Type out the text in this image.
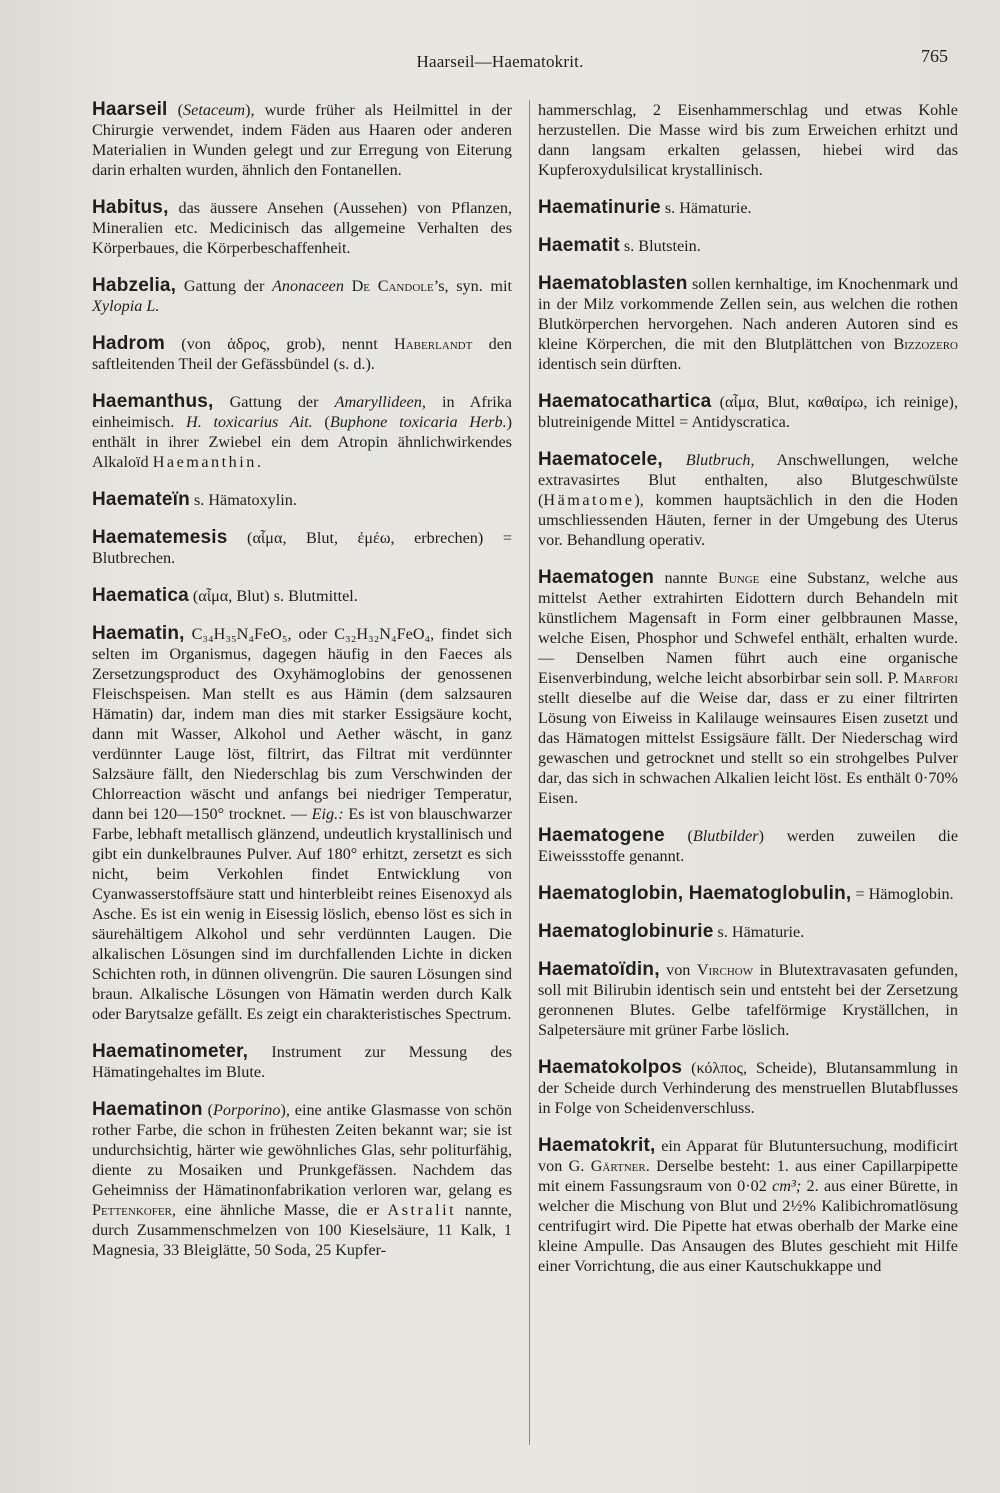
Haarseil—Haematokrit.	765

Haarseil (Setaceum), wurde früher als Heilmittel in der Chirurgie verwendet, indem Fäden aus Haaren oder anderen Materialien in Wunden gelegt und zur Erregung von Eiterung darin erhalten wurden, ähnlich den Fontanellen.

Habitus, das äussere Ansehen (Aussehen) von Pflanzen, Mineralien etc. Medicinisch das allgemeine Verhalten des Körperbaues, die Körperbeschaffenheit.

Habzelia, Gattung der Anonaceen De Candole’s, syn. mit Xylopia L.

Hadrom (von ἁδρος, grob), nennt Haberlandt den saftleitenden Theil der Gefässbündel (s. d.).

Haemanthus, Gattung der Amaryllideen, in Afrika einheimisch. H. toxicarius Ait. (Buphone toxicaria Herb.) enthält in ihrer Zwiebel ein dem Atropin ähnlichwirkendes Alkaloïd Haemanthin.

Haemateïn s. Hämatoxylin.

Haematemesis (αἷμα, Blut, ἐμέω, erbrechen) = Blutbrechen.

Haematica (αἷμα, Blut) s. Blutmittel.

Haematin, C₃₄H₃₅N₄FeO₅, oder C₃₂H₃₂N₄FeO₄, findet sich selten im Organismus, dagegen häufig in den Faeces als Zersetzungsproduct des Oxyhämoglobins der genossenen Fleischspeisen. Man stellt es aus Hämin (dem salzsauren Hämatin) dar, indem man dies mit starker Essigsäure kocht, dann mit Wasser, Alkohol und Aether wäscht, in ganz verdünnter Lauge löst, filtrirt, das Filtrat mit verdünnter Salzsäure fällt, den Niederschlag bis zum Verschwinden der Chlorreaction wäscht und anfangs bei niedriger Temperatur, dann bei 120—150° trocknet. — Eig.: Es ist von blauschwarzer Farbe, lebhaft metallisch glänzend, undeutlich krystallinisch und gibt ein dunkelbraunes Pulver. Auf 180° erhitzt, zersetzt es sich nicht, beim Verkohlen findet Entwicklung von Cyanwasserstoffsäure statt und hinterbleibt reines Eisenoxyd als Asche. Es ist ein wenig in Eisessig löslich, ebenso löst es sich in säurehältigem Alkohol und sehr verdünnten Laugen. Die alkalischen Lösungen sind im durchfallenden Lichte in dicken Schichten roth, in dünnen olivengrün. Die sauren Lösungen sind braun. Alkalische Lösungen von Hämatin werden durch Kalk oder Barytsalze gefällt. Es zeigt ein charakteristisches Spectrum.

Haematinometer, Instrument zur Messung des Hämatingehaltes im Blute.

Haematinon (Porporino), eine antike Glasmasse von schön rother Farbe, die schon in frühesten Zeiten bekannt war; sie ist undurchsichtig, härter wie gewöhnliches Glas, sehr politurfähig, diente zu Mosaiken und Prunkgefässen. Nachdem das Geheimniss der Hämatinonfabrikation verloren war, gelang es Pettenkofer, eine ähnliche Masse, die er Astralit nannte, durch Zusammenschmelzen von 100 Kieselsäure, 11 Kalk, 1 Magnesia, 33 Bleiglätte, 50 Soda, 25 Kupfer-

hammerschlag, 2 Eisenhammerschlag und etwas Kohle herzustellen. Die Masse wird bis zum Erweichen erhitzt und dann langsam erkalten gelassen, hiebei wird das Kupferoxydulsilicat krystallinisch.

Haematinurie s. Hämaturie.

Haematit s. Blutstein.

Haematoblasten sollen kernhaltige, im Knochenmark und in der Milz vorkommende Zellen sein, aus welchen die rothen Blutkörperchen hervorgehen. Nach anderen Autoren sind es kleine Körperchen, die mit den Blutplättchen von Bizzozero identisch sein dürften.

Haematocathartica (αἷμα, Blut, καθαίρω, ich reinige), blutreinigende Mittel = Antidyscratica.

Haematocele, Blutbruch, Anschwellungen, welche extravasirtes Blut enthalten, also Blutgeschwülste (Hämatome), kommen hauptsächlich in den die Hoden umschliessenden Häuten, ferner in der Umgebung des Uterus vor. Behandlung operativ.

Haematogen nannte Bunge eine Substanz, welche aus mittelst Aether extrahirten Eidottern durch Behandeln mit künstlichem Magensaft in Form einer gelbbraunen Masse, welche Eisen, Phosphor und Schwefel enthält, erhalten wurde. — Denselben Namen führt auch eine organische Eisenverbindung, welche leicht absorbirbar sein soll. P. Marfori stellt dieselbe auf die Weise dar, dass er zu einer filtrirten Lösung von Eiweiss in Kalilauge weinsaures Eisen zusetzt und das Hämatogen mittelst Essigsäure fällt. Der Niederschag wird gewaschen und getrocknet und stellt so ein strohgelbes Pulver dar, das sich in schwachen Alkalien leicht löst. Es enthält 0·70% Eisen.

Haematogene (Blutbilder) werden zuweilen die Eiweissstoffe genannt.

Haematoglobin, Haematoglobulin, = Hämoglobin.

Haematoglobinurie s. Hämaturie.

Haematoïdin, von Virchow in Blutextravasaten gefunden, soll mit Bilirubin identisch sein und entsteht bei der Zersetzung geronnenen Blutes. Gelbe tafelförmige Kryställchen, in Salpetersäure mit grüner Farbe löslich.

Haematokolpos (κόλπος, Scheide), Blutansammlung in der Scheide durch Verhinderung des menstruellen Blutabflusses in Folge von Scheidenverschluss.

Haematokrit, ein Apparat für Blutuntersuchung, modificirt von G. Gärtner. Derselbe besteht: 1. aus einer Capillarpipette mit einem Fassungsraum von 0·02 cm³; 2. aus einer Bürette, in welcher die Mischung von Blut und 2½% Kalibichromatlösung centrifugirt wird. Die Pipette hat etwas oberhalb der Marke eine kleine Ampulle. Das Ansaugen des Blutes geschieht mit Hilfe einer Vorrichtung, die aus einer Kautschukkappe und
